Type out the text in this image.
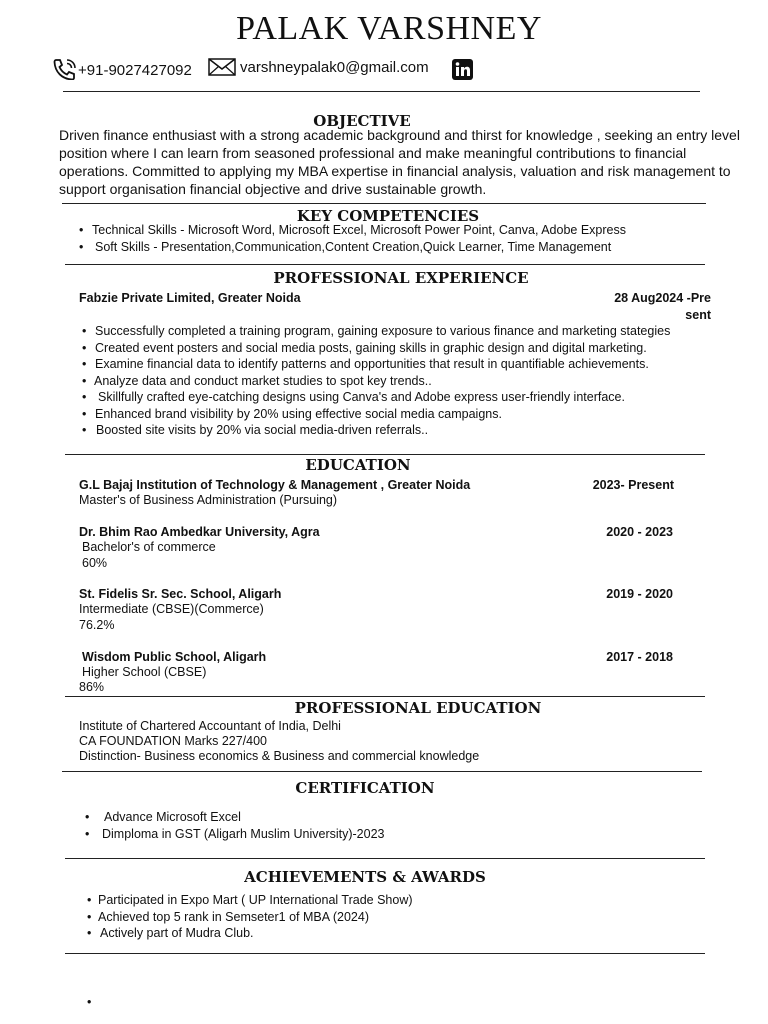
PALAK VARSHNEY
+91-9027427092	varshneypalak0@gmail.com
OBJECTIVE
Driven finance enthusiast with a strong academic background and thirst for knowledge , seeking an entry level position where I can learn from seasoned professional and make meaningful contributions to financial operations. Committed to applying my MBA expertise in financial analysis, valuation and risk management to support organisation financial objective and drive sustainable growth.
KEY COMPETENCIES
• Technical Skills - Microsoft Word, Microsoft Excel, Microsoft Power Point, Canva, Adobe Express
• Soft Skills - Presentation,Communication,Content Creation,Quick Learner, Time Management
PROFESSIONAL EXPERIENCE
Fabzie Private Limited, Greater Noida	28 Aug2024 -Pre
sent
• Successfully completed a training program, gaining exposure to various finance and marketing stategies
• Created event posters and social media posts, gaining skills in graphic design and digital marketing.
• Examine financial data to identify patterns and opportunities that result in quantifiable achievements.
• Analyze data and conduct market studies to spot key trends..
• Skillfully crafted eye-catching designs using Canva's and Adobe express user-friendly interface.
• Enhanced brand visibility by 20% using effective social media campaigns.
• Boosted site visits by 20% via social media-driven referrals..
EDUCATION
G.L Bajaj Institution of Technology & Management , Greater Noida	2023- Present
Master's of Business Administration (Pursuing)
Dr. Bhim Rao Ambedkar University, Agra	2020 - 2023
Bachelor's of commerce
60%
St. Fidelis Sr. Sec. School, Aligarh	2019 - 2020
Intermediate (CBSE)(Commerce)
76.2%
Wisdom Public School, Aligarh	2017 - 2018
Higher School (CBSE)
86%
PROFESSIONAL EDUCATION
Institute of Chartered Accountant of India, Delhi
CA FOUNDATION Marks 227/400
Distinction- Business economics & Business and commercial knowledge
CERTIFICATION
• Advance Microsoft Excel
• Dimploma in GST (Aligarh Muslim University)-2023
ACHIEVEMENTS & AWARDS
• Participated in Expo Mart ( UP International Trade Show)
• Achieved top 5 rank in Semseter1 of MBA (2024)
• Actively part of Mudra Club.
•
